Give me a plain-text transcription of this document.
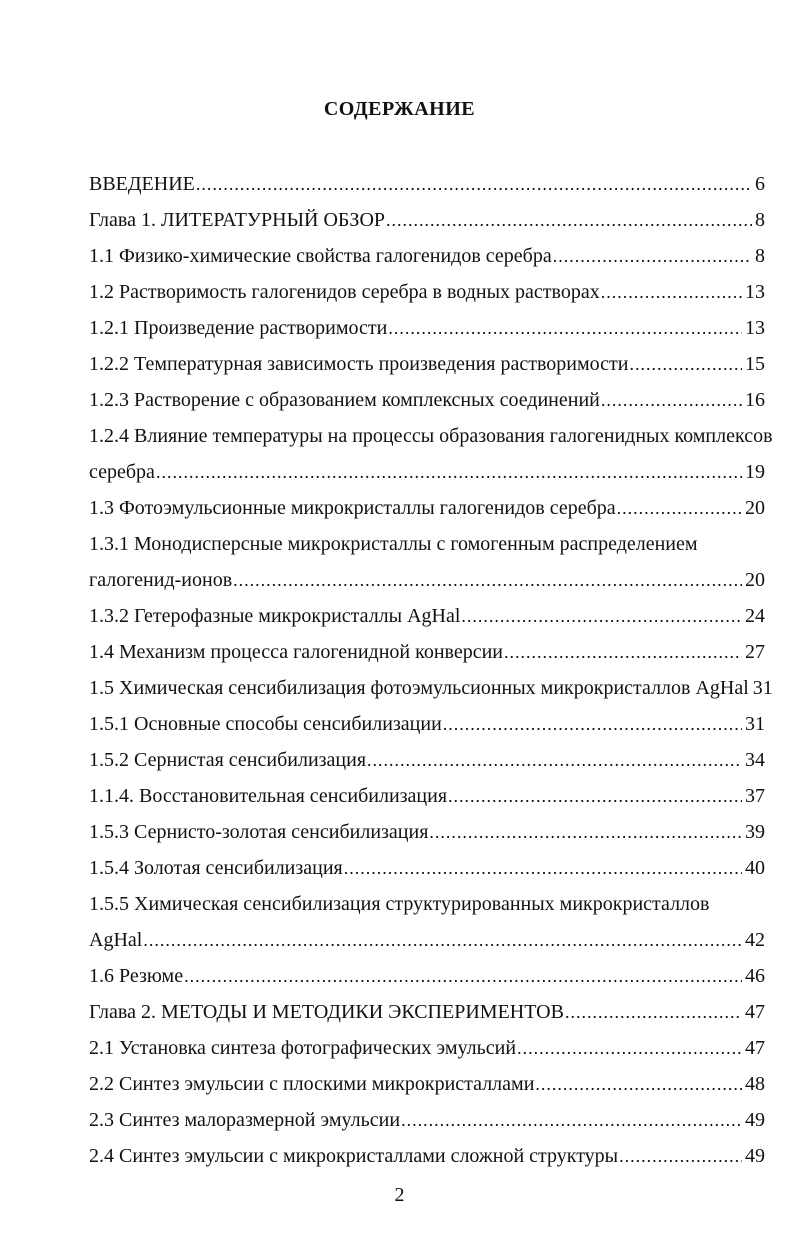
СОДЕРЖАНИЕ
ВВЕДЕНИЕ .....	6
Глава 1. ЛИТЕРАТУРНЫЙ ОБЗОР .....	8
1.1 Физико-химические свойства галогенидов серебра .....	8
1.2 Растворимость галогенидов серебра в водных растворах .....	13
1.2.1 Произведение растворимости .....	13
1.2.2 Температурная зависимость произведения растворимости .....	15
1.2.3 Растворение с образованием комплексных соединений .....	16
1.2.4 Влияние температуры на процессы образования галогенидных комплексов
серебра .....	19
1.3 Фотоэмульсионные микрокристаллы галогенидов серебра .....	20
1.3.1 Монодисперсные микрокристаллы с гомогенным распределением
галогенид-ионов .....	20
1.3.2 Гетерофазные микрокристаллы AgHal .....	24
1.4 Механизм процесса галогенидной конверсии .....	27
1.5 Химическая сенсибилизация фотоэмульсионных микрокристаллов AgHal 31
1.5.1 Основные способы сенсибилизации .....	31
1.5.2 Сернистая сенсибилизация .....	34
1.1.4. Восстановительная сенсибилизация .....	37
1.5.3 Сернисто-золотая сенсибилизация .....	39
1.5.4 Золотая сенсибилизация .....	40
1.5.5 Химическая сенсибилизация структурированных микрокристаллов
AgHal .....	42
1.6 Резюме .....	46
Глава 2. МЕТОДЫ И МЕТОДИКИ ЭКСПЕРИМЕНТОВ .....	47
2.1 Установка синтеза фотографических эмульсий .....	47
2.2 Синтез эмульсии с плоскими микрокристаллами .....	48
2.3 Синтез малоразмерной эмульсии .....	49
2.4 Синтез эмульсии с микрокристаллами сложной структуры .....	49
2
